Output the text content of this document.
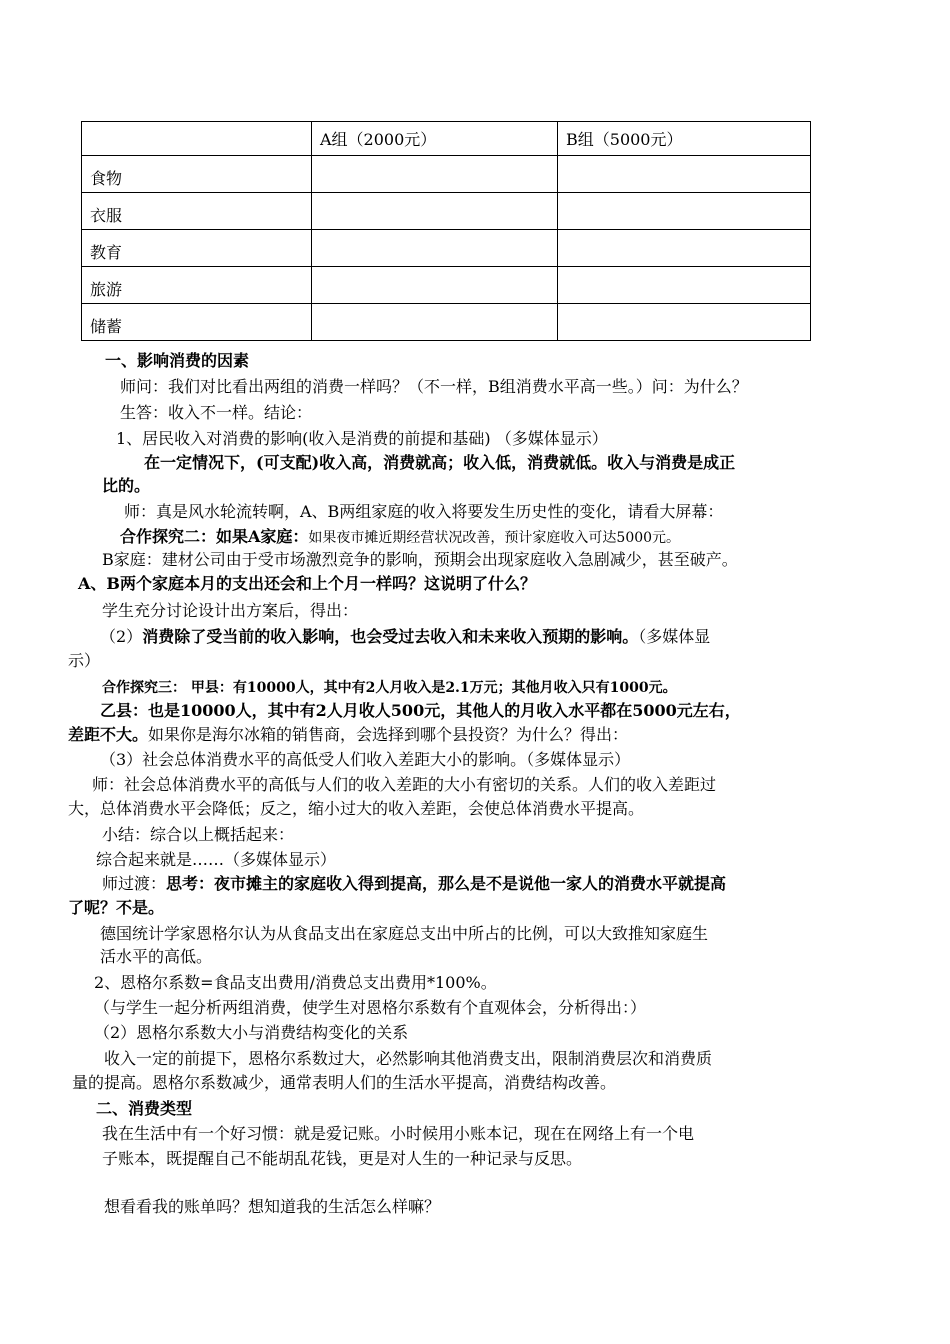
	A组（2000元）	B组（5000元）
食物		
衣服		
教育		
旅游		
储蓄		
一、影响消费的因素
师问：我们对比看出两组的消费一样吗？（不一样，B组消费水平高一些。）问：为什么？
生答：收入不一样。结论：
1、居民收入对消费的影响(收入是消费的前提和基础) （多媒体显示）
在一定情况下，(可支配)收入高，消费就高；收入低，消费就低。收入与消费是成正
比的。
师：真是风水轮流转啊，A、B两组家庭的收入将要发生历史性的变化，请看大屏幕：
合作探究二：如果A家庭：如果夜市摊近期经营状况改善，预计家庭收入可达5000元。
B家庭：建材公司由于受市场激烈竞争的影响，预期会出现家庭收入急剧减少，甚至破产。
A、B两个家庭本月的支出还会和上个月一样吗？这说明了什么？
学生充分讨论设计出方案后，得出：
（2）消费除了受当前的收入影响，也会受过去收入和未来收入预期的影响。（多媒体显
示）
合作探究三： 甲县：有10000人，其中有2人月收入是2.1万元；其他月收入只有1000元。
乙县：也是10000人，其中有2人月收人500元，其他人的月收入水平都在5000元左右，
差距不大。如果你是海尔冰箱的销售商，会选择到哪个县投资？为什么？得出：
（3）社会总体消费水平的高低受人们收入差距大小的影响。（多媒体显示）
师：社会总体消费水平的高低与人们的收入差距的大小有密切的关系。人们的收入差距过
大，总体消费水平会降低；反之，缩小过大的收入差距，会使总体消费水平提高。
小结：综合以上概括起来：
综合起来就是……（多媒体显示）
师过渡：思考：夜市摊主的家庭收入得到提高，那么是不是说他一家人的消费水平就提高
了呢？不是。
德国统计学家恩格尔认为从食品支出在家庭总支出中所占的比例，可以大致推知家庭生
活水平的高低。
2、恩格尔系数=食品支出费用/消费总支出费用*100%。
（与学生一起分析两组消费，使学生对恩格尔系数有个直观体会，分析得出：）
（2）恩格尔系数大小与消费结构变化的关系
收入一定的前提下，恩格尔系数过大，必然影响其他消费支出，限制消费层次和消费质
量的提高。恩格尔系数减少，通常表明人们的生活水平提高，消费结构改善。
二、消费类型
我在生活中有一个好习惯：就是爱记账。小时候用小账本记，现在在网络上有一个电
子账本，既提醒自己不能胡乱花钱，更是对人生的一种记录与反思。
想看看我的账单吗？想知道我的生活怎么样嘛？
